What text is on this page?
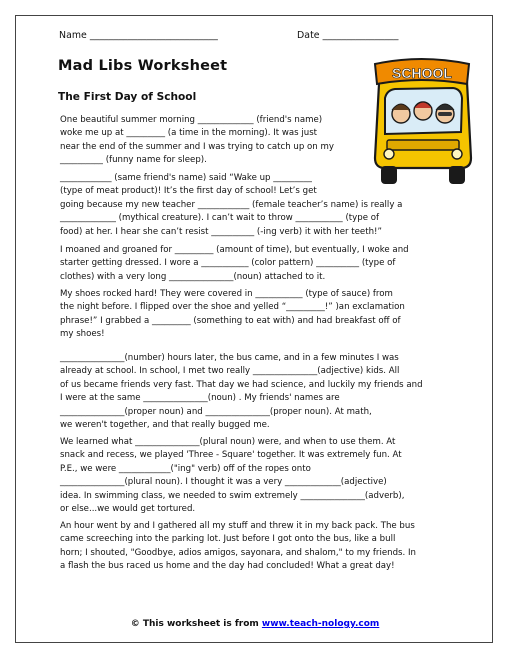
Name ___________________________	Date ________________
Mad Libs Worksheet
The First Day of School
SCHOOL

One beautiful summer morning _____________ (friend's name)
woke me up at _________ (a time in the morning). It was just
near the end of the summer and I was trying to catch up on my
__________ (funny name for sleep).

____________ (same friend's name) said “Wake up _________
(type of meat product)! It’s the first day of school! Let’s get
going because my new teacher ____________ (female teacher’s name) is really a
_____________ (mythical creature). I can’t wait to throw ___________ (type of
food) at her. I hear she can’t resist __________ (-ing verb) it with her teeth!”

I moaned and groaned for _________ (amount of time), but eventually, I woke and
starter getting dressed. I wore a ___________ (color pattern) __________ (type of
clothes) with a very long _______________(noun) attached to it.

My shoes rocked hard! They were covered in ___________ (type of sauce) from
the night before. I flipped over the shoe and yelled “_________!” )an exclamation
phrase!” I grabbed a _________ (something to eat with) and had breakfast off of
my shoes!

_______________(number) hours later, the bus came, and in a few minutes I was
already at school. In school, I met two really _______________(adjective) kids. All
of us became friends very fast. That day we had science, and luckily my friends and
I were at the same _______________(noun) . My friends' names are
_______________(proper noun) and _______________(proper noun). At math,
we weren't together, and that really bugged me.

We learned what _______________(plural noun) were, and when to use them. At
snack and recess, we played 'Three - Square' together. It was extremely fun. At
P.E., we were ____________("ing" verb) off of the ropes onto
_______________(plural noun). I thought it was a very _____________(adjective)
idea. In swimming class, we needed to swim extremely _______________(adverb),
or else...we would get tortured.

An hour went by and I gathered all my stuff and threw it in my back pack. The bus
came screeching into the parking lot. Just before I got onto the bus, like a bull
horn; I shouted, "Goodbye, adios amigos, sayonara, and shalom," to my friends. In
a flash the bus raced us home and the day had concluded! What a great day!

© This worksheet is from www.teach-nology.com
